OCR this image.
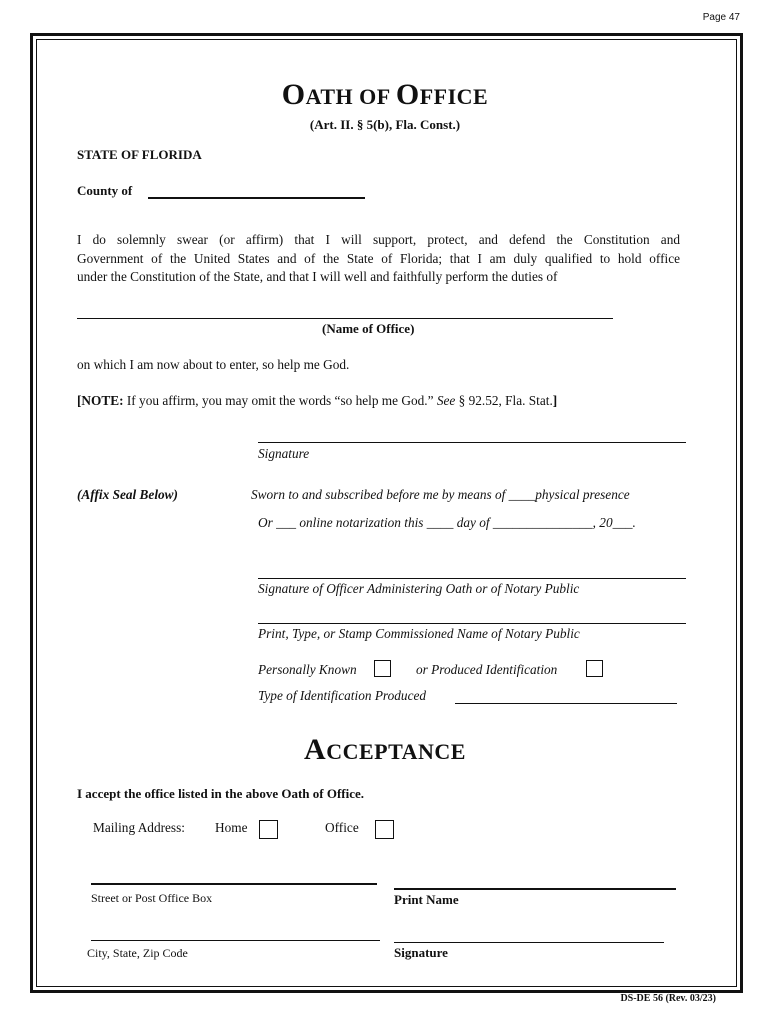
Page 47
OATH OF OFFICE
(Art. II. § 5(b), Fla. Const.)
STATE OF FLORIDA
County of
I do solemnly swear (or affirm) that I will support, protect, and defend the Constitution and
Government of the United States and of the State of Florida; that I am duly qualified to hold office
under the Constitution of the State, and that I will well and faithfully perform the duties of
(Name of Office)
on which I am now about to enter, so help me God.
[NOTE: If you affirm, you may omit the words “so help me God.” See § 92.52, Fla. Stat.]
Signature
(Affix Seal Below)	Sworn to and subscribed before me by means of ____physical presence
Or ___ online notarization this ____ day of _______________, 20___.
Signature of Officer Administering Oath or of Notary Public
Print, Type, or Stamp Commissioned Name of Notary Public
Personally Known	or Produced Identification
Type of Identification Produced
ACCEPTANCE
I accept the office listed in the above Oath of Office.
Mailing Address: Home	Office
Street or Post Office Box	Print Name
City, State, Zip Code	Signature
DS-DE 56 (Rev. 03/23)
